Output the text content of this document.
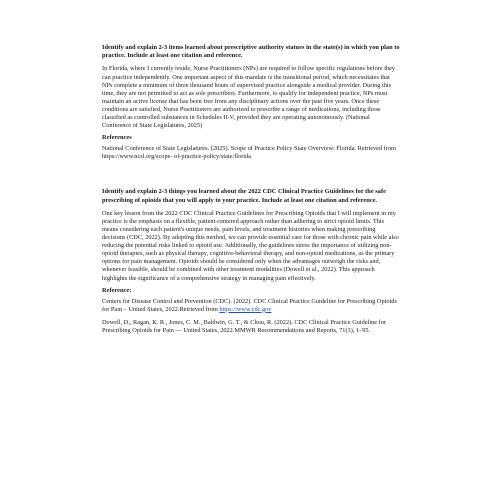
Identify and explain 2-3 items learned about prescriptive authority statues in the state(s) in which you plan to practice. Include at least one citation and reference.
In Florida, where I currently reside, Nurse Practitioners (NPs) are required to follow specific regulations before they can practice independently. One important aspect of this mandate is the transitional period, which necessitates that NPs complete a minimum of three thousand hours of supervised practice alongside a medical provider. During this time, they are not permitted to act as sole prescribers. Furthermore, to qualify for independent practice, NPs must maintain an active license that has been free from any disciplinary actions over the past five years. Once these conditions are satisfied, Nurse Practitioners are authorized to prescribe a range of medications, including those classified as controlled substances in Schedules II-V, provided they are operating autonomously. (National Conference of State Legislatures, 2025)
References
National Conference of State Legislatures. (2025). Scope of Practice Policy State Overview: Florida. Retrieved from https://www.ncsl.org/scope- of-practice-policy/state/florida
Identify and explain 2-3 things you learned about the 2022 CDC Clinical Practice Guidelines for the safe prescribing of opioids that you will apply to your practice. Include at least one citation and reference.
One key lesson from the 2022 CDC Clinical Practice Guidelines for Prescribing Opioids that I will implement in my practice is the emphasis on a flexible, patient-centered approach rather than adhering to strict opioid limits. This means considering each patient's unique needs, pain levels, and treatment histories when making prescribing decisions (CDC, 2022). By adopting this method, we can provide essential care for those with chronic pain while also reducing the potential risks linked to opioid use. Additionally, the guidelines stress the importance of utilizing non-opioid therapies, such as physical therapy, cognitive-behavioral therapy, and non-opioid medications, as the primary options for pain management. Opioids should be considered only when the advantages outweigh the risks and, whenever feasible, should be combined with other treatment modalities (Dowell et al., 2022). This approach highlights the significance of a comprehensive strategy in managing pain effectively.
Reference:
Centers for Disease Control and Prevention (CDC). (2022). CDC Clinical Practice Guideline for Prescribing Opioids for Pain – United States, 2022.Retrieved from https://www.cdc.gov
Dowell, D., Ragan, K. R., Jones, C. M., Baldwin, G. T., & Chou, R. (2022). CDC Clinical Practice Guideline for Prescribing Opioids for Pain — United States, 2022.MMWR Recommendations and Reports, 71(3), 1–95.
